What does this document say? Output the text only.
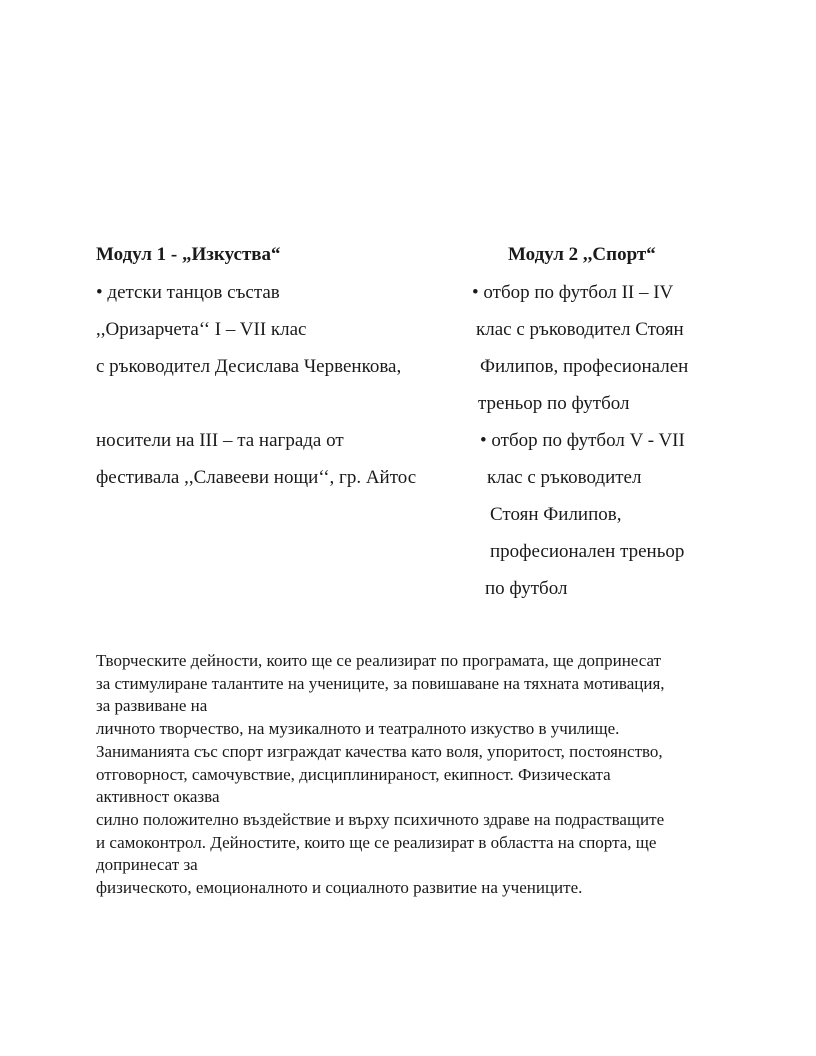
Модул 1 - „Изкуства“

• детски танцов състав

,,Оризарчета‘‘ I – VII клас

с ръководител Десислава Червенкова,

носители на III – та награда от

фестивала ,,Славееви нощи‘‘, гр. Айтос

Модул 2 ,,Спорт“

• отбор по футбол II – IV

клас с ръководител Стоян

Филипов, професионален

треньор по футбол

• отбор по футбол V - VII

клас с ръководител

Стоян Филипов,

професионален треньор

по футбол

Творческите дейности, които ще се реализират по програмата, ще допринесат

за стимулиране талантите на учениците, за повишаване на тяхната мотивация,

за развиване на

личното творчество, на музикалното и театралното изкуство в училище.

Заниманията със спорт изграждат качества като воля, упоритост, постоянство,

отговорност, самочувствие, дисциплинираност, екипност. Физическата

активност оказва

силно положително въздействие и върху психичното здраве на подрастващите

и самоконтрол. Дейностите, които ще се реализират в областта на спорта, ще

допринесат за

физическото, емоционалното и социалното развитие на учениците.
